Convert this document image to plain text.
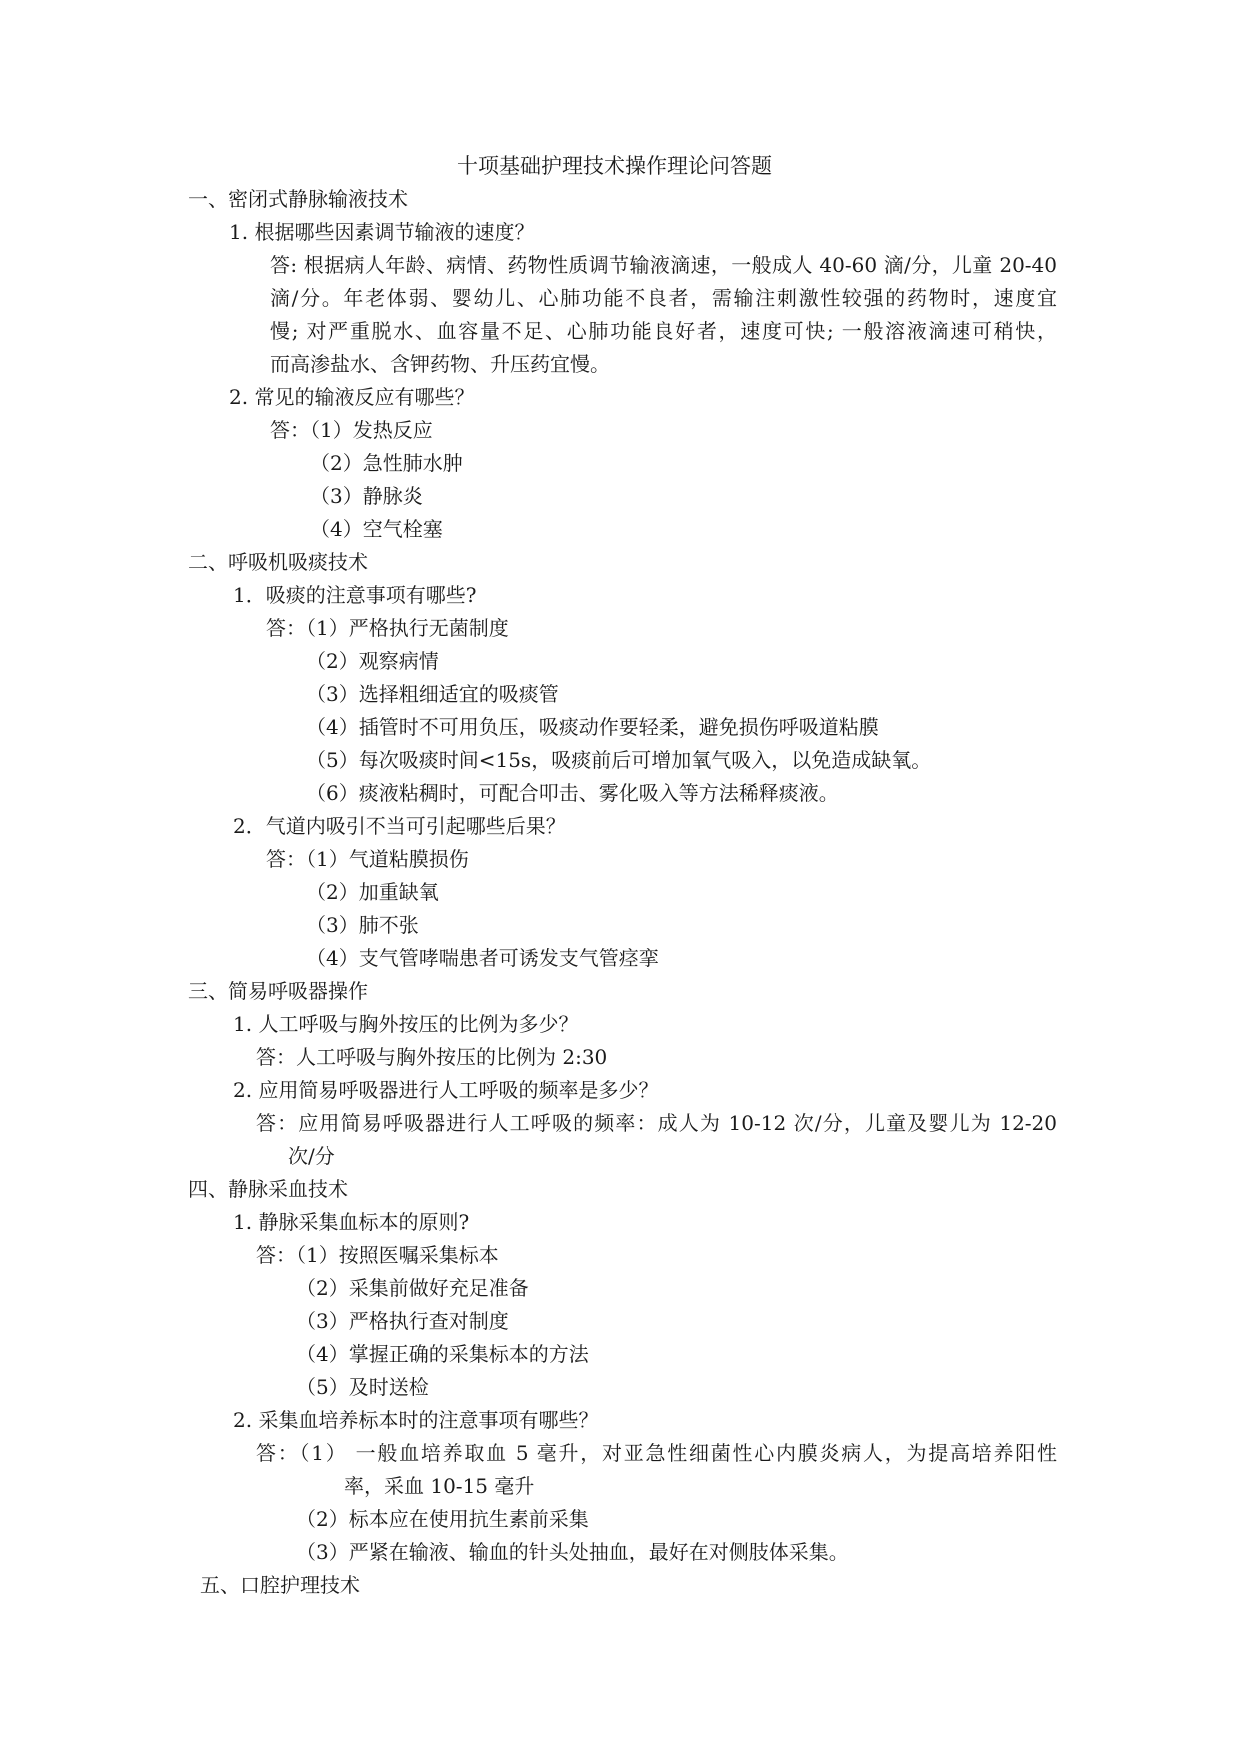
十项基础护理技术操作理论问答题
一、密闭式静脉输液技术
1. 根据哪些因素调节输液的速度？
答: 根据病人年龄、病情、药物性质调节输液滴速，一般成人 40-60 滴/分，儿童 20-40
滴/分。年老体弱、婴幼儿、心肺功能不良者，需输注刺激性较强的药物时，速度宜
慢; 对严重脱水、血容量不足、心肺功能良好者，速度可快; 一般溶液滴速可稍快，
而高渗盐水、含钾药物、升压药宜慢。
2. 常见的输液反应有哪些？
答：（1）发热反应
（2）急性肺水肿
（3）静脉炎
（4）空气栓塞
二、呼吸机吸痰技术
1．吸痰的注意事项有哪些?
答：（1）严格执行无菌制度
（2）观察病情
（3）选择粗细适宜的吸痰管
（4）插管时不可用负压，吸痰动作要轻柔，避免损伤呼吸道粘膜
（5）每次吸痰时间<15s，吸痰前后可增加氧气吸入，以免造成缺氧。
（6）痰液粘稠时，可配合叩击、雾化吸入等方法稀释痰液。
2．气道内吸引不当可引起哪些后果？
答：（1）气道粘膜损伤
（2）加重缺氧
（3）肺不张
（4）支气管哮喘患者可诱发支气管痉挛
三、简易呼吸器操作
1. 人工呼吸与胸外按压的比例为多少？
答：人工呼吸与胸外按压的比例为 2:30
2. 应用简易呼吸器进行人工呼吸的频率是多少？
答：应用简易呼吸器进行人工呼吸的频率：成人为 10-12 次/分，儿童及婴儿为 12-20
次/分
四、静脉采血技术
1. 静脉采集血标本的原则?
答：（1）按照医嘱采集标本
（2）采集前做好充足准备
（3）严格执行查对制度
（4）掌握正确的采集标本的方法
（5）及时送检
2. 采集血培养标本时的注意事项有哪些？
答：（1） 一般血培养取血 5 毫升，对亚急性细菌性心内膜炎病人，为提高培养阳性
率，采血 10-15 毫升
（2）标本应在使用抗生素前采集
（3）严紧在输液、输血的针头处抽血，最好在对侧肢体采集。
五、口腔护理技术
